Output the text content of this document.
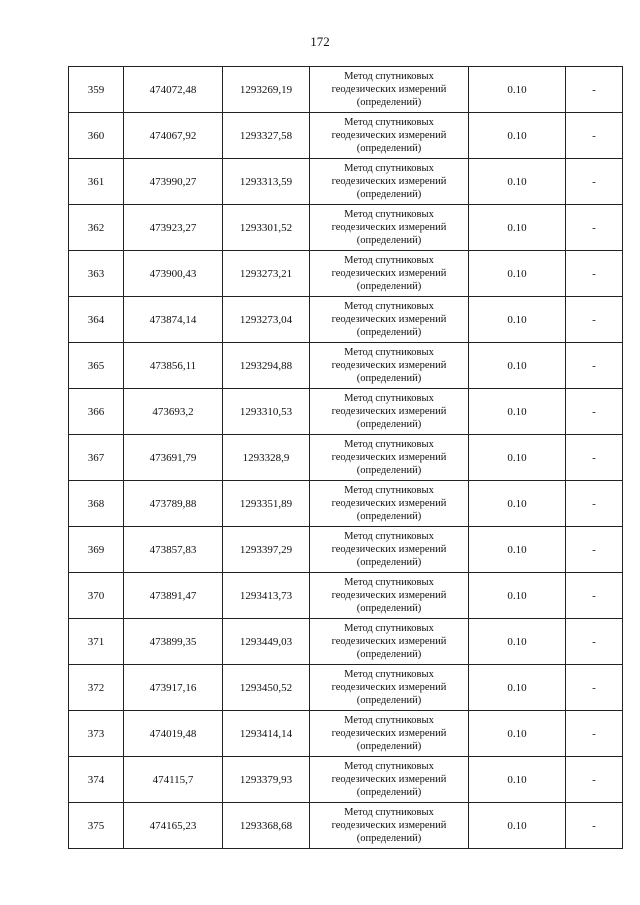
172
359	474072,48	1293269,19	Метод спутниковых
геодезических измерений
(определений)	0.10	-
360	474067,92	1293327,58	Метод спутниковых
геодезических измерений
(определений)	0.10	-
361	473990,27	1293313,59	Метод спутниковых
геодезических измерений
(определений)	0.10	-
362	473923,27	1293301,52	Метод спутниковых
геодезических измерений
(определений)	0.10	-
363	473900,43	1293273,21	Метод спутниковых
геодезических измерений
(определений)	0.10	-
364	473874,14	1293273,04	Метод спутниковых
геодезических измерений
(определений)	0.10	-
365	473856,11	1293294,88	Метод спутниковых
геодезических измерений
(определений)	0.10	-
366	473693,2	1293310,53	Метод спутниковых
геодезических измерений
(определений)	0.10	-
367	473691,79	1293328,9	Метод спутниковых
геодезических измерений
(определений)	0.10	-
368	473789,88	1293351,89	Метод спутниковых
геодезических измерений
(определений)	0.10	-
369	473857,83	1293397,29	Метод спутниковых
геодезических измерений
(определений)	0.10	-
370	473891,47	1293413,73	Метод спутниковых
геодезических измерений
(определений)	0.10	-
371	473899,35	1293449,03	Метод спутниковых
геодезических измерений
(определений)	0.10	-
372	473917,16	1293450,52	Метод спутниковых
геодезических измерений
(определений)	0.10	-
373	474019,48	1293414,14	Метод спутниковых
геодезических измерений
(определений)	0.10	-
374	474115,7	1293379,93	Метод спутниковых
геодезических измерений
(определений)	0.10	-
375	474165,23	1293368,68	Метод спутниковых
геодезических измерений
(определений)	0.10	-
